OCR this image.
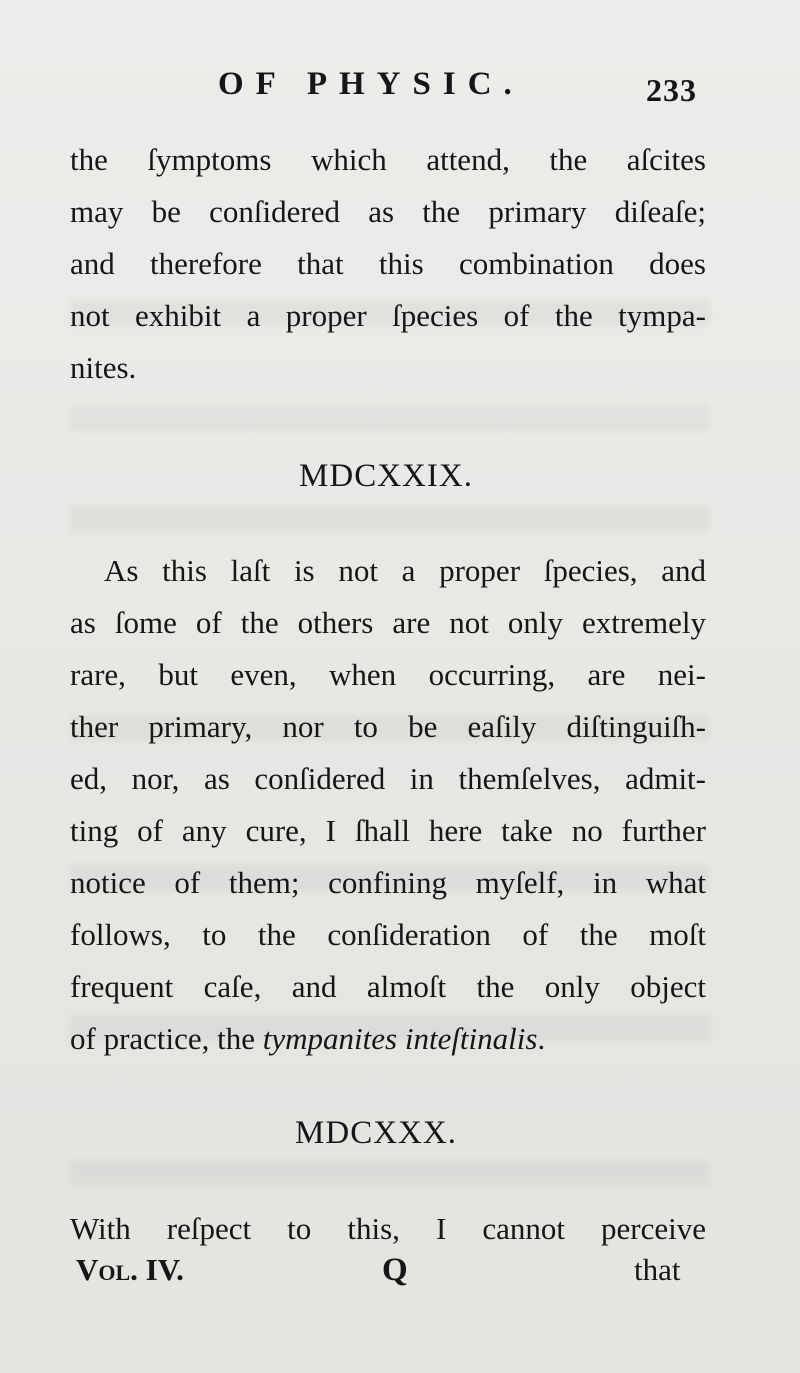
OF PHYSIC.	233
the ſymptoms which attend, the aſcites
may be conſidered as the primary diſeaſe;
and therefore that this combination does
not exhibit a proper ſpecies of the tympa-
nites.
MDCXXIX.
As this laſt is not a proper ſpecies, and
as ſome of the others are not only extremely
rare, but even, when occurring, are nei-
ther primary, nor to be eaſily diſtinguiſh-
ed, nor, as conſidered in themſelves, admit-
ting of any cure, I ſhall here take no further
notice of them; confining myſelf, in what
follows, to the conſideration of the moſt
frequent caſe, and almoſt the only object
of practice, the tympanites inteſtinalis.
MDCXXX.
With reſpect to this, I cannot perceive
Vol. IV.	Q	that
